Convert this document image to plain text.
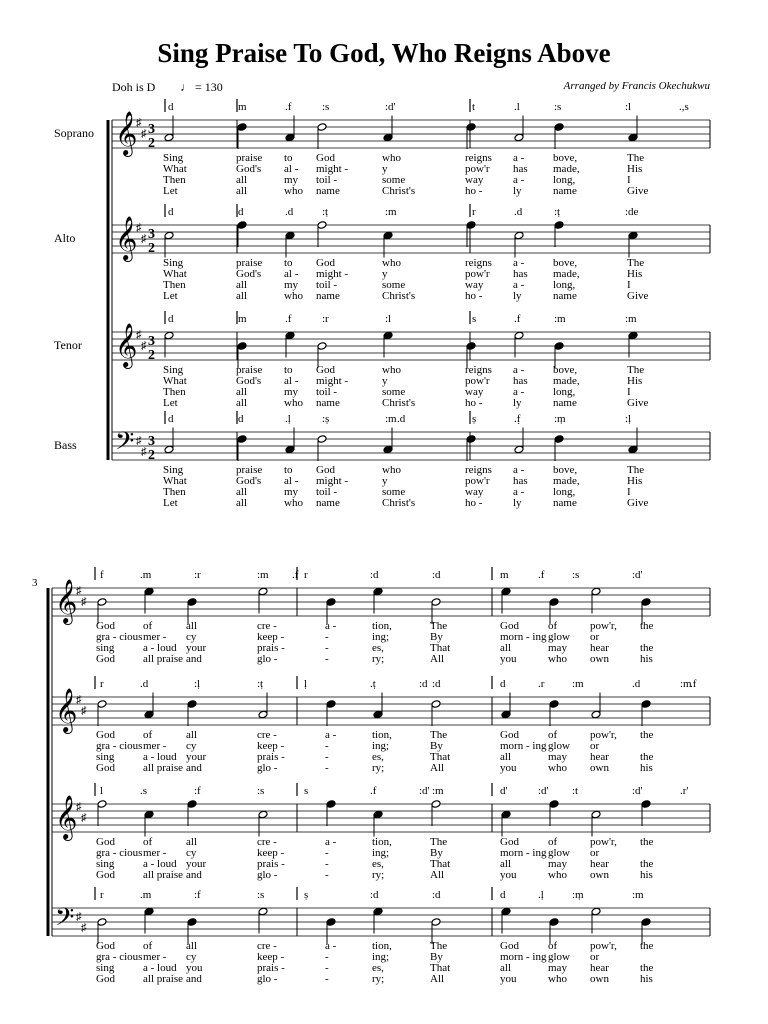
Sing Praise To God, Who Reigns Above
Doh is D ♩ = 130	Arranged by Francis Okechukwu
𝄞
♯
♯ 3
2
Soprano
d	m	.f	:s	:d'	t	.l	:s	:l	.,s
Sing	praise to God	who	reigns a -	bove,	The
What	God's al - might -	y	pow'r has made,	His
Then	all	my toil -	some	way	a -	long,	I
Let	all	who name	Christ's	ho -	ly	name	Give
𝄞
♯
♯ 3
2
Alto
d	d	.d	:ṭ	:m	r	.d	:ṭ	:de
Sing	praise to God	who	reigns a -	bove,	The
What	God's al - might -	y	pow'r has made,	His
Then	all	my toil -	some	way	a -	long,	I
Let	all	who name	Christ's	ho -	ly	name	Give
𝄞
♯
♯ 3
2
Tenor
d	m	.f	:r	:l	s	.f	:m	:m
Sing	praise to God	who	reigns a -	bove,	The
What	God's al - might -	y	pow'r has made,	His
Then	all	my toil -	some	way	a -	long,	I
Let	all	who name	Christ's	ho -	ly	name	Give
𝄢 ♯
♯
3
2
Bass
d	d	.ḷ	:ṣ	:m .d	ṣ	.f̣	:ṃ	:ḷ
Sing	praise to God	who	reigns a -	bove,	The
What	God's al - might -	y	pow'r has made,	His
Then	all	my toil -	some	way	a -	long,	I
Let	all	who name	Christ's	ho -	ly	name	Give
3 𝄞
♯
♯
f	.m	:r	:m .f r	:d	:d	m	.f	:s	:d'
God	of	all	cre -	a -	tion,	The	God	of	pow'r, the
gra - cious mer - cy	keep -	-	ing;	By	morn - ing glow or
sing	a - loud your	prais -	-	es,	That	all	may hear	the
God	all praise and	glo -	-	ry;	All	you	who own	his
𝄞
♯
♯
r	.d	:ḷ	:ṭ	ḷ	.ṭ	:d
:d	d	.r	:m	.d	:m
.f
God	of	all	cre -	a -	tion,	The	God	of	pow'r, the
gra - cious mer - cy	keep -	-	ing;	By	morn - ing glow or
sing	a - loud your	prais -	-	es,	That	all	may hear	the
God	all praise and	glo -	-	ry;	All	you	who own	his
𝄞
♯
♯
l	.s	:f	:s	s	.f	:m
:d'	d'	:d' :t	:d'	.r'
God	of	all	cre -	a -	tion,	The	God	of	pow'r, the
gra - cious mer - cy	keep -	-	ing;	By	morn - ing glow or
sing	a - loud your	prais -	-	es,	That	all	may hear	the
God	all praise and	glo -	-	ry;	All	you	who own	his
𝄢 ♯
♯
r	.m	:f	:s	ṣ	:d	:d	d	.ḷ	:ṃ	:m
God	of	all	cre -	a -	tion,	The	God	of	pow'r, the
gra - cious mer - cy	keep -	-	ing;	By	morn - ing glow or
sing	a - loud you	prais -	-	es,	That	all	may hear	the
God	all praise and	glo -	-	ry;	All	you	who own	his
